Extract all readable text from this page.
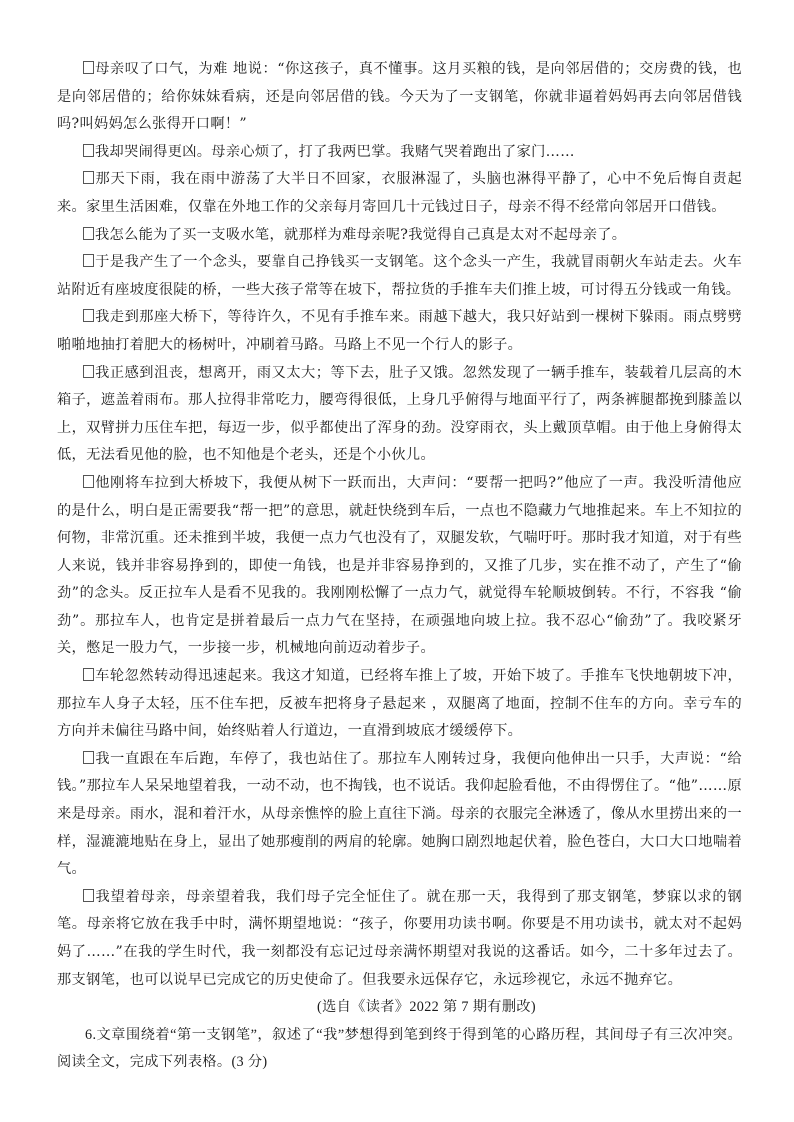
母亲叹了口气，为难 地说：“你这孩子，真不懂事。这月买粮的钱，是向邻居借的；交房费的钱，也是向邻居借的；给你妹妹看病，还是向邻居借的钱。今天为了一支钢笔，你就非逼着妈妈再去向邻居借钱吗?叫妈妈怎么张得开口啊！”

我却哭闹得更凶。母亲心烦了，打了我两巴掌。我赌气哭着跑出了家门……

那天下雨，我在雨中游荡了大半日不回家，衣服淋湿了，头脑也淋得平静了，心中不免后悔自责起来。家里生活困难，仅靠在外地工作的父亲每月寄回几十元钱过日子，母亲不得不经常向邻居开口借钱。

我怎么能为了买一支吸水笔，就那样为难母亲呢?我觉得自己真是太对不起母亲了。

于是我产生了一个念头，要靠自己挣钱买一支钢笔。这个念头一产生，我就冒雨朝火车站走去。火车站附近有座坡度很陡的桥，一些大孩子常等在坡下，帮拉货的手推车夫们推上坡，可讨得五分钱或一角钱。

我走到那座大桥下，等待许久，不见有手推车来。雨越下越大，我只好站到一棵树下躲雨。雨点劈劈啪啪地抽打着肥大的杨树叶，冲刷着马路。马路上不见一个行人的影子。

我正感到沮丧，想离开，雨又太大；等下去，肚子又饿。忽然发现了一辆手推车，装载着几层高的木箱子，遮盖着雨布。那人拉得非常吃力，腰弯得很低，上身几乎俯得与地面平行了，两条裤腿都挽到膝盖以上，双臂拼力压住车把，每迈一步，似乎都使出了浑身的劲。没穿雨衣，头上戴顶草帽。由于他上身俯得太低，无法看见他的脸，也不知他是个老头，还是个小伙儿。

他刚将车拉到大桥坡下，我便从树下一跃而出，大声问：“要帮一把吗?”他应了一声。我没听清他应的是什么，明白是正需要我“帮一把”的意思，就赶快绕到车后，一点也不隐藏力气地推起来。车上不知拉的何物，非常沉重。还未推到半坡，我便一点力气也没有了，双腿发软，气喘吁吁。那时我才知道，对于有些人来说，钱并非容易挣到的，即使一角钱，也是并非容易挣到的，又推了几步，实在推不动了，产生了“偷劲”的念头。反正拉车人是看不见我的。我刚刚松懈了一点力气，就觉得车轮顺坡倒转。不行，不容我 “偷劲”。那拉车人，也肯定是拼着最后一点力气在坚持，在顽强地向坡上拉。我不忍心“偷劲”了。我咬紧牙关，憋足一股力气，一步接一步，机械地向前迈动着步子。

车轮忽然转动得迅速起来。我这才知道，已经将车推上了坡，开始下坡了。手推车飞快地朝坡下冲，那拉车人身子太轻，压不住车把，反被车把将身子悬起来 ，双腿离了地面，控制不住车的方向。幸亏车的方向并未偏往马路中间，始终贴着人行道边，一直滑到坡底才缓缓停下。

我一直跟在车后跑，车停了，我也站住了。那拉车人刚转过身，我便向他伸出一只手，大声说：“给钱。”那拉车人呆呆地望着我，一动不动，也不掏钱，也不说话。我仰起脸看他，不由得愣住了。“他”……原来是母亲。雨水，混和着汗水，从母亲憔悴的脸上直往下淌。母亲的衣服完全淋透了，像从水里捞出来的一样，湿漉漉地贴在身上，显出了她那瘦削的两肩的轮廓。她胸口剧烈地起伏着，脸色苍白，大口大口地喘着气。

我望着母亲，母亲望着我，我们母子完全怔住了。就在那一天，我得到了那支钢笔，梦寐以求的钢笔。母亲将它放在我手中时，满怀期望地说：“孩子，你要用功读书啊。你要是不用功读书，就太对不起妈妈了……”在我的学生时代，我一刻都没有忘记过母亲满怀期望对我说的这番话。如今，二十多年过去了。那支钢笔，也可以说早已完成它的历史使命了。但我要永远保存它，永远珍视它，永远不抛弃它。

(选自《读者》2022 第 7 期有删改)

6.文章围绕着“第一支钢笔”，叙述了“我”梦想得到笔到终于得到笔的心路历程，其间母子有三次冲突。阅读全文，完成下列表格。(3 分)
